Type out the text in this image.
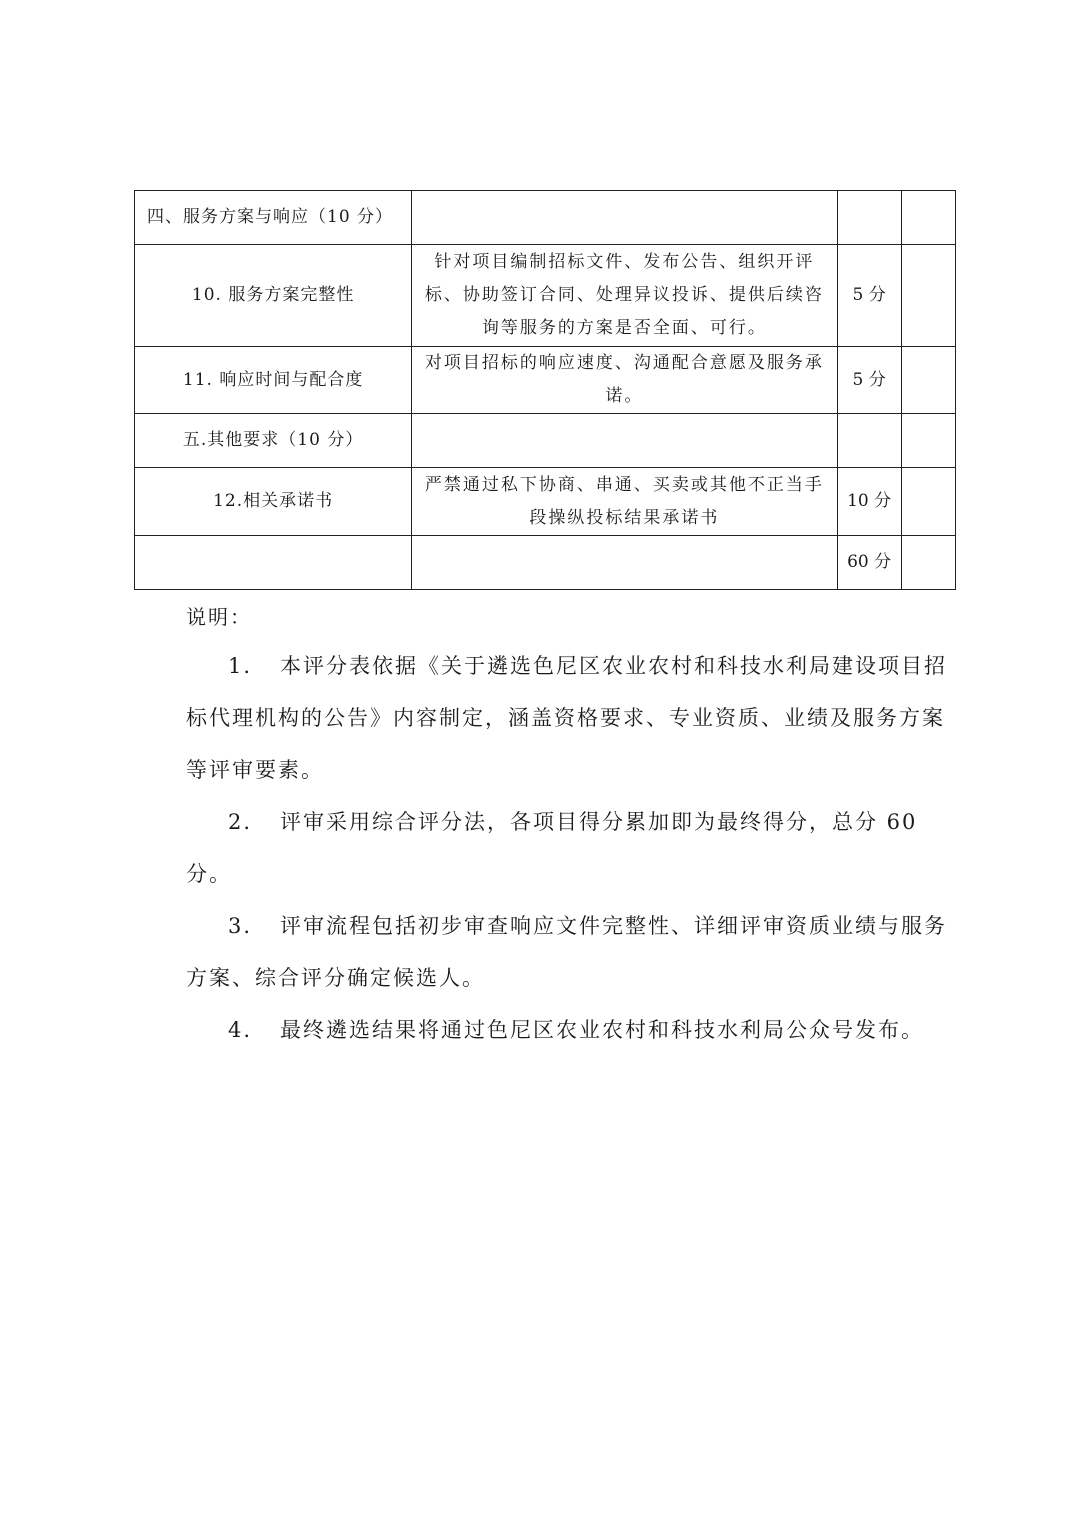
四、服务方案与响应（10 分）			
10. 服务方案完整性	针对项目编制招标文件、发布公告、组织开评标、协助签订合同、处理异议投诉、提供后续咨询等服务的方案是否全面、可行。	5 分	
11. 响应时间与配合度	对项目招标的响应速度、沟通配合意愿及服务承诺。	5 分	
五.其他要求（10 分）			
12.相关承诺书	严禁通过私下协商、串通、买卖或其他不正当手段操纵投标结果承诺书	10 分	
		60 分	

说明：

1. 本评分表依据《关于遴选色尼区农业农村和科技水利局建设项目招标代理机构的公告》内容制定，涵盖资格要求、专业资质、业绩及服务方案等评审要素。

2. 评审采用综合评分法，各项目得分累加即为最终得分，总分 60 分。

3. 评审流程包括初步审查响应文件完整性、详细评审资质业绩与服务方案、综合评分确定候选人。

4. 最终遴选结果将通过色尼区农业农村和科技水利局公众号发布。
